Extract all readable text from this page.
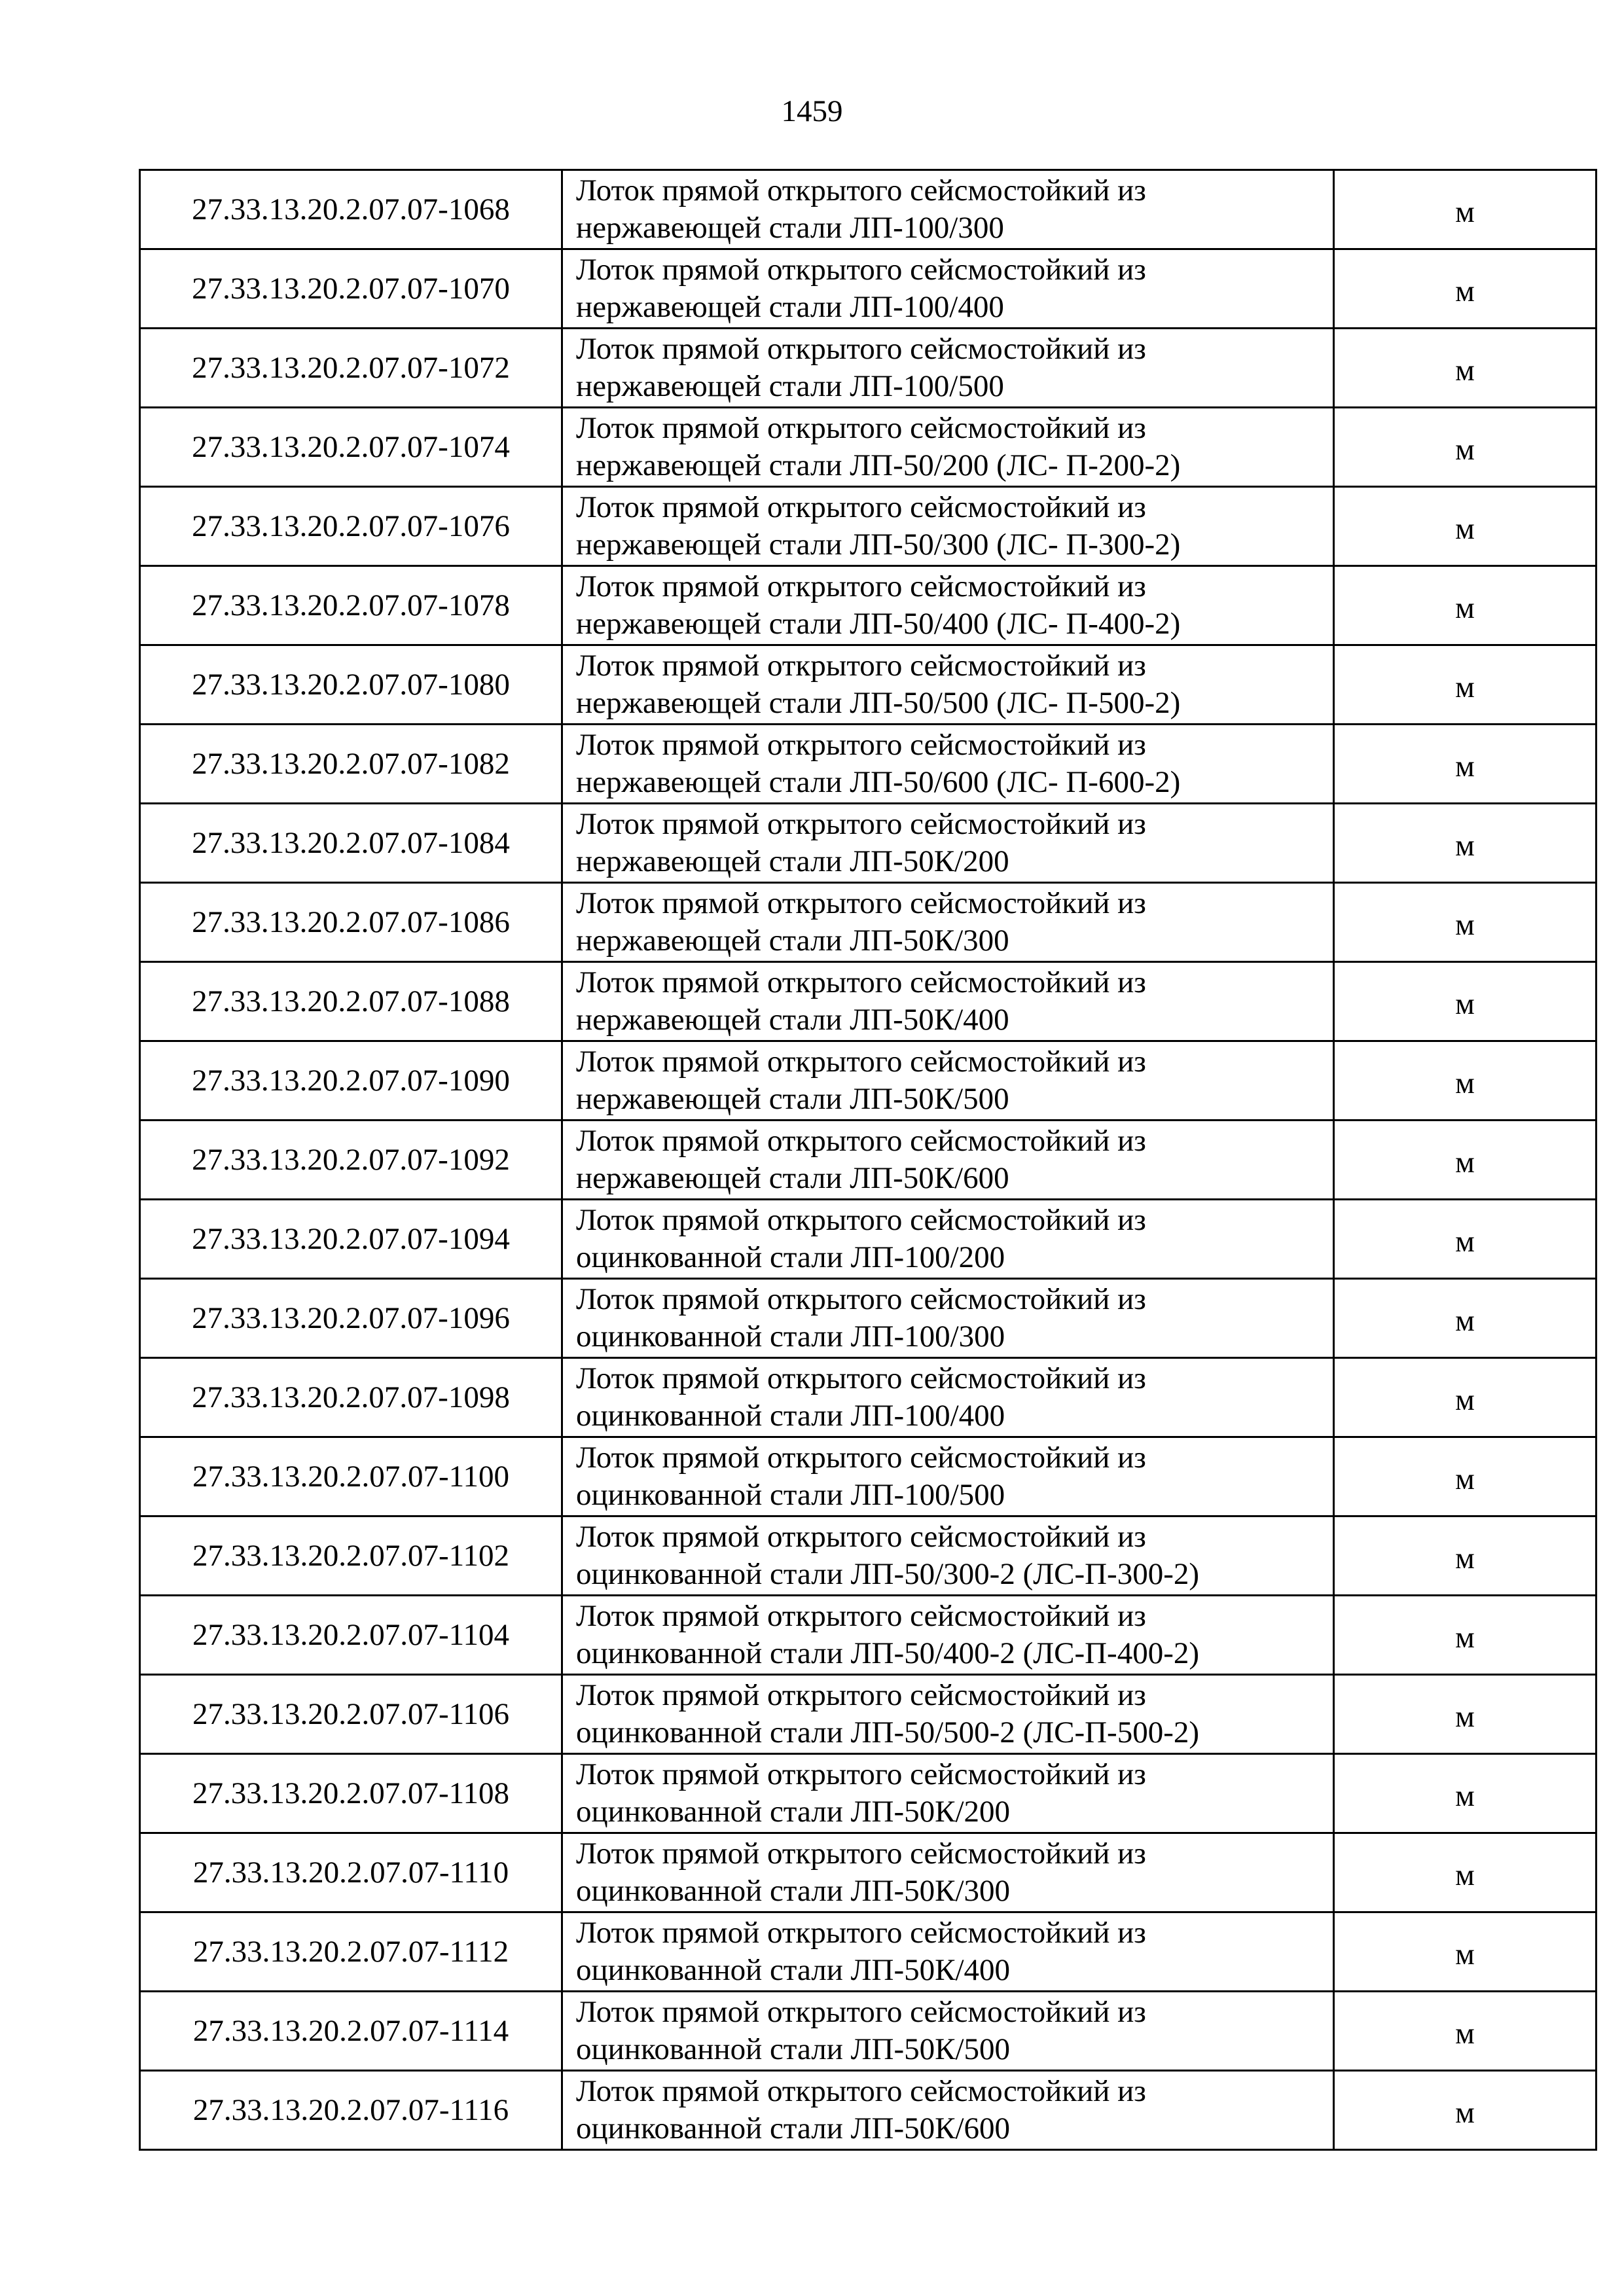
1459
27.33.13.20.2.07.07-1068	Лоток прямой открытого сейсмостойкий из
нержавеющей стали ЛП-100/300	м
27.33.13.20.2.07.07-1070	Лоток прямой открытого сейсмостойкий из
нержавеющей стали ЛП-100/400	м
27.33.13.20.2.07.07-1072	Лоток прямой открытого сейсмостойкий из
нержавеющей стали ЛП-100/500	м
27.33.13.20.2.07.07-1074	Лоток прямой открытого сейсмостойкий из
нержавеющей стали ЛП-50/200 (ЛС- П-200-2)	м
27.33.13.20.2.07.07-1076	Лоток прямой открытого сейсмостойкий из
нержавеющей стали ЛП-50/300 (ЛС- П-300-2)	м
27.33.13.20.2.07.07-1078	Лоток прямой открытого сейсмостойкий из
нержавеющей стали ЛП-50/400 (ЛС- П-400-2)	м
27.33.13.20.2.07.07-1080	Лоток прямой открытого сейсмостойкий из
нержавеющей стали ЛП-50/500 (ЛС- П-500-2)	м
27.33.13.20.2.07.07-1082	Лоток прямой открытого сейсмостойкий из
нержавеющей стали ЛП-50/600 (ЛС- П-600-2)	м
27.33.13.20.2.07.07-1084	Лоток прямой открытого сейсмостойкий из
нержавеющей стали ЛП-50К/200	м
27.33.13.20.2.07.07-1086	Лоток прямой открытого сейсмостойкий из
нержавеющей стали ЛП-50К/300	м
27.33.13.20.2.07.07-1088	Лоток прямой открытого сейсмостойкий из
нержавеющей стали ЛП-50К/400	м
27.33.13.20.2.07.07-1090	Лоток прямой открытого сейсмостойкий из
нержавеющей стали ЛП-50К/500	м
27.33.13.20.2.07.07-1092	Лоток прямой открытого сейсмостойкий из
нержавеющей стали ЛП-50К/600	м
27.33.13.20.2.07.07-1094	Лоток прямой открытого сейсмостойкий из
оцинкованной стали ЛП-100/200	м
27.33.13.20.2.07.07-1096	Лоток прямой открытого сейсмостойкий из
оцинкованной стали ЛП-100/300	м
27.33.13.20.2.07.07-1098	Лоток прямой открытого сейсмостойкий из
оцинкованной стали ЛП-100/400	м
27.33.13.20.2.07.07-1100	Лоток прямой открытого сейсмостойкий из
оцинкованной стали ЛП-100/500	м
27.33.13.20.2.07.07-1102	Лоток прямой открытого сейсмостойкий из
оцинкованной стали ЛП-50/300-2 (ЛС-П-300-2)	м
27.33.13.20.2.07.07-1104	Лоток прямой открытого сейсмостойкий из
оцинкованной стали ЛП-50/400-2 (ЛС-П-400-2)	м
27.33.13.20.2.07.07-1106	Лоток прямой открытого сейсмостойкий из
оцинкованной стали ЛП-50/500-2 (ЛС-П-500-2)	м
27.33.13.20.2.07.07-1108	Лоток прямой открытого сейсмостойкий из
оцинкованной стали ЛП-50К/200	м
27.33.13.20.2.07.07-1110	Лоток прямой открытого сейсмостойкий из
оцинкованной стали ЛП-50К/300	м
27.33.13.20.2.07.07-1112	Лоток прямой открытого сейсмостойкий из
оцинкованной стали ЛП-50К/400	м
27.33.13.20.2.07.07-1114	Лоток прямой открытого сейсмостойкий из
оцинкованной стали ЛП-50К/500	м
27.33.13.20.2.07.07-1116	Лоток прямой открытого сейсмостойкий из
оцинкованной стали ЛП-50К/600	м
